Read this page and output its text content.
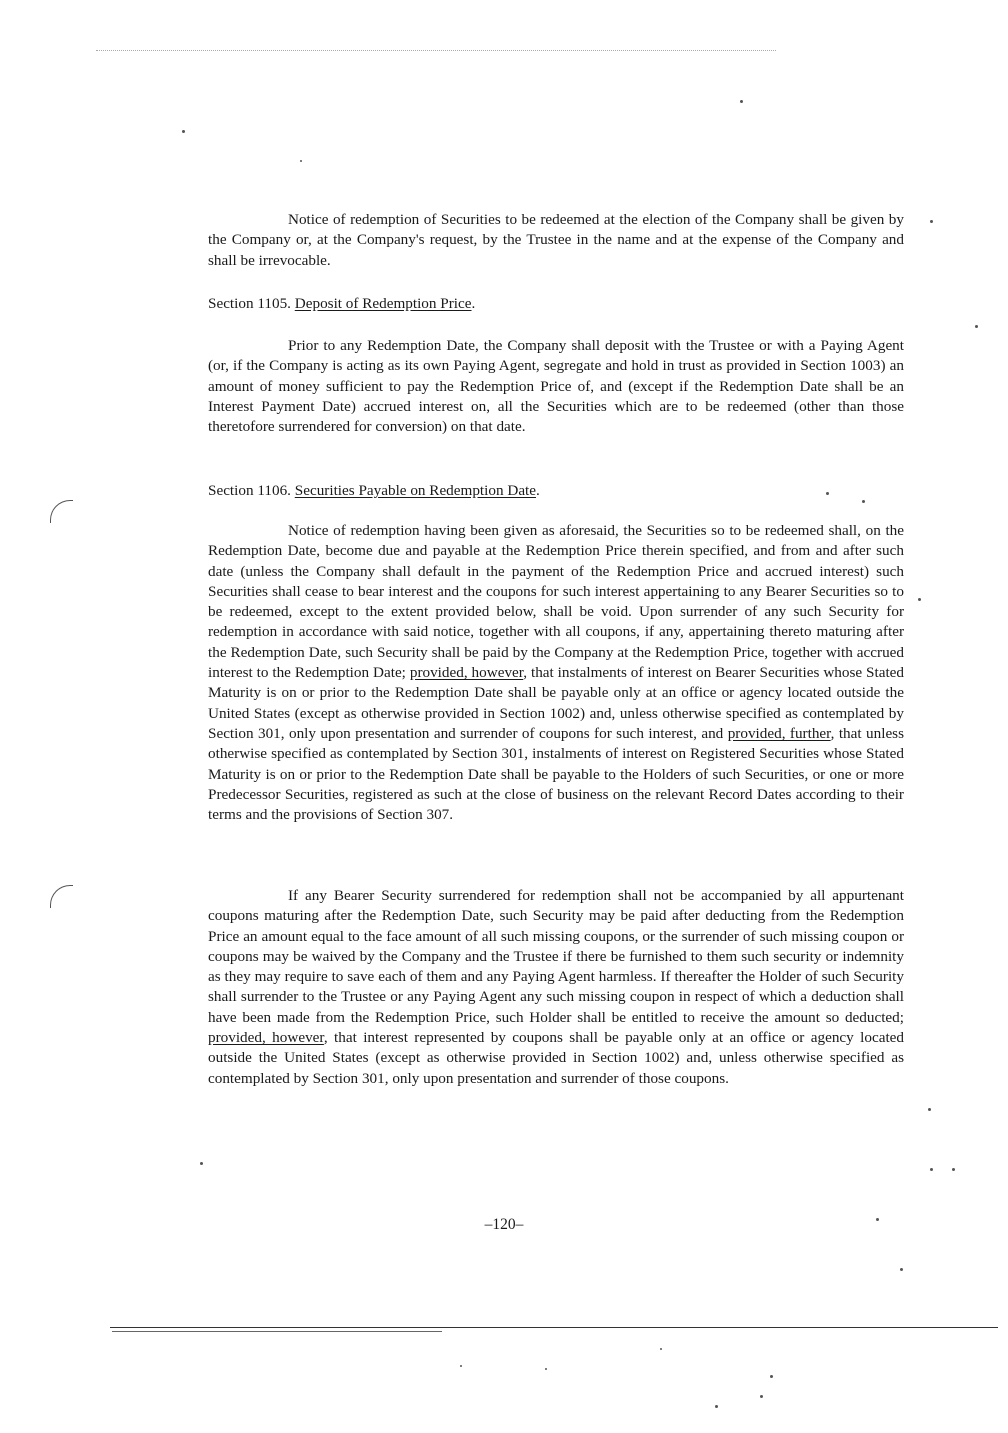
Notice of redemption of Securities to be redeemed at the election of the Company shall be given by the Company or, at the Company's request, by the Trustee in the name and at the expense of the Company and shall be irrevocable.
Section 1105. Deposit of Redemption Price.
Prior to any Redemption Date, the Company shall deposit with the Trustee or with a Paying Agent (or, if the Company is acting as its own Paying Agent, segregate and hold in trust as provided in Section 1003) an amount of money sufficient to pay the Redemption Price of, and (except if the Redemption Date shall be an Interest Payment Date) accrued interest on, all the Securities which are to be redeemed (other than those theretofore surrendered for conversion) on that date.
Section 1106. Securities Payable on Redemption Date.
Notice of redemption having been given as aforesaid, the Securities so to be redeemed shall, on the Redemption Date, become due and payable at the Redemption Price therein specified, and from and after such date (unless the Company shall default in the payment of the Redemption Price and accrued interest) such Securities shall cease to bear interest and the coupons for such interest appertaining to any Bearer Securities so to be redeemed, except to the extent provided below, shall be void. Upon surrender of any such Security for redemption in accordance with said notice, together with all coupons, if any, appertaining thereto maturing after the Redemption Date, such Security shall be paid by the Company at the Redemption Price, together with accrued interest to the Redemption Date; provided, however, that instalments of interest on Bearer Securities whose Stated Maturity is on or prior to the Redemption Date shall be payable only at an office or agency located outside the United States (except as otherwise provided in Section 1002) and, unless otherwise specified as contemplated by Section 301, only upon presentation and surrender of coupons for such interest, and provided, further, that unless otherwise specified as contemplated by Section 301, instalments of interest on Registered Securities whose Stated Maturity is on or prior to the Redemption Date shall be payable to the Holders of such Securities, or one or more Predecessor Securities, registered as such at the close of business on the relevant Record Dates according to their terms and the provisions of Section 307.
If any Bearer Security surrendered for redemption shall not be accompanied by all appurtenant coupons maturing after the Redemption Date, such Security may be paid after deducting from the Redemption Price an amount equal to the face amount of all such missing coupons, or the surrender of such missing coupon or coupons may be waived by the Company and the Trustee if there be furnished to them such security or indemnity as they may require to save each of them and any Paying Agent harmless. If thereafter the Holder of such Security shall surrender to the Trustee or any Paying Agent any such missing coupon in respect of which a deduction shall have been made from the Redemption Price, such Holder shall be entitled to receive the amount so deducted; provided, however, that interest represented by coupons shall be payable only at an office or agency located outside the United States (except as otherwise provided in Section 1002) and, unless otherwise specified as contemplated by Section 301, only upon presentation and surrender of those coupons.
–120–
